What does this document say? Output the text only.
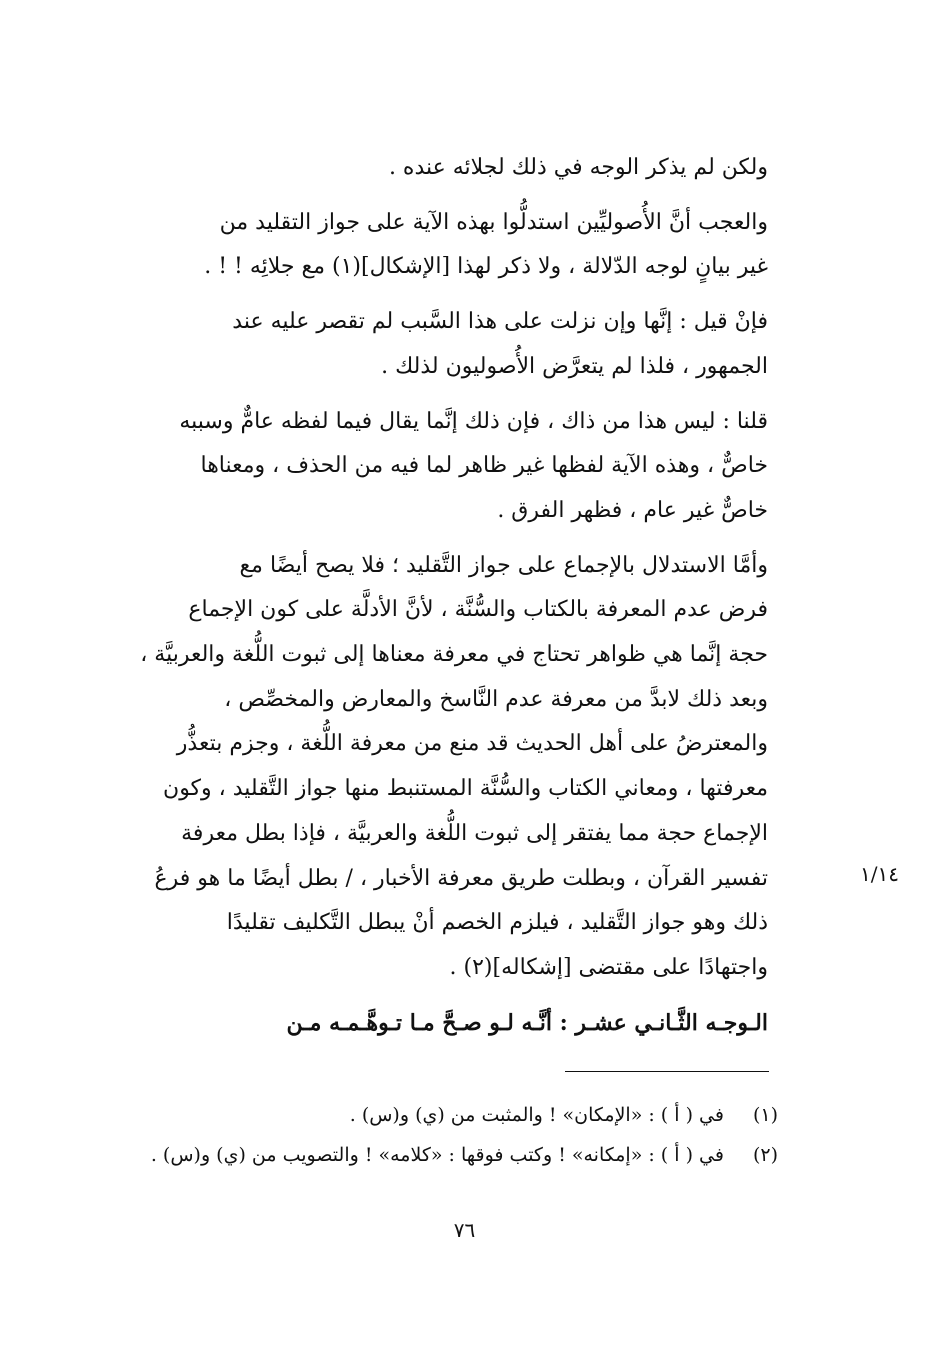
ولكن لم يذكر الوجه في ذلك لجلائه عنده .
والعجب أنَّ الأُصوليِّين استدلُّوا بهذه الآية على جواز التقليد من
غير بيانٍ لوجه الدّلالة ، ولا ذكر لهذا [الإشكال](١) مع جلائِه ! ! .
فإنْ قيل : إنَّها وإن نزلت على هذا السَّبب لم تقصر عليه عند
الجمهور ، فلذا لم يتعرَّض الأُصوليون لذلك .
قلنا : ليس هذا من ذاك ، فإن ذلك إنَّما يقال فيما لفظه عامٌّ وسببه
خاصٌّ ، وهذه الآية لفظها غير ظاهر لما فيه من الحذف ، ومعناها
خاصٌّ غير عام ، فظهر الفرق .
وأمَّا الاستدلال بالإجماع على جواز التَّقليد ؛ فلا يصح أيضًا مع
فرض عدم المعرفة بالكتاب والسُّنَّة ، لأنَّ الأدلَّة على كون الإجماع
حجة إنَّما هي ظواهر تحتاج في معرفة معناها إلى ثبوت اللُّغة والعربيَّة ،
وبعد ذلك لابدَّ من معرفة عدم النَّاسخ والمعارض والمخصِّص ،
والمعترضُ على أهل الحديث قد منع من معرفة اللُّغة ، وجزم بتعذُّر
معرفتها ، ومعاني الكتاب والسُّنَّة المستنبط منها جواز التَّقليد ، وكون
الإجماع حجة مما يفتقر إلى ثبوت اللُّغة والعربيَّة ، فإذا بطل معرفة
تفسير القرآن ، وبطلت طريق معرفة الأخبار ، / بطل أيضًا ما هو فرعُ
ذلك وهو جواز التَّقليد ، فيلزم الخصم أنْ يبطل التَّكليف تقليدًا
واجتهادًا على مقتضى [إشكاله](٢) .
الـوجـه الثَّـانـي عشـر : أنَّـه لـو صـحَّ مـا تـوهَّـمـه مـن
١/١٤
(١) في ( أ ) : «الإمكان» ! والمثبت من (ي) و(س) .
(٢) في ( أ ) : «إمكانه» ! وكتب فوقها : «كلامه» ! والتصويب من (ي) و(س) .
٧٦
